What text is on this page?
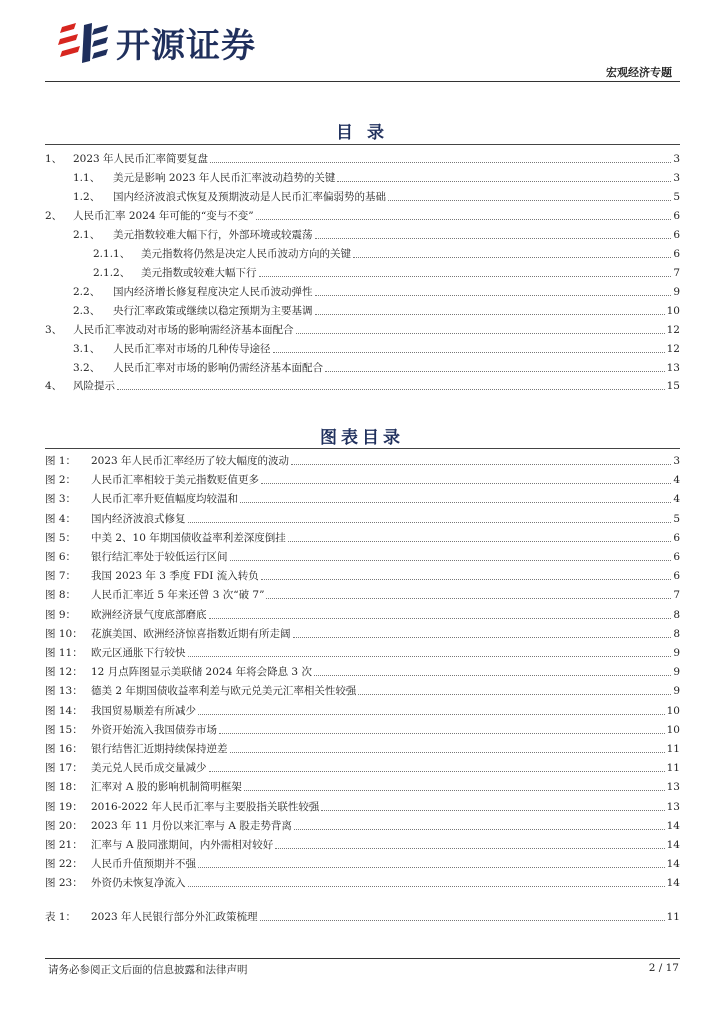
开源证券
宏观经济专题
目 录
1、	2023 年人民币汇率简要复盘	3
1.1、	美元是影响 2023 年人民币汇率波动趋势的关键	3
1.2、	国内经济波浪式恢复及预期波动是人民币汇率偏弱势的基础	5
2、	人民币汇率 2024 年可能的“变与不变”	6
2.1、	美元指数较难大幅下行，外部环境或较震荡	6
2.1.1、	美元指数将仍然是决定人民币波动方向的关键	6
2.1.2、	美元指数或较难大幅下行	7
2.2、	国内经济增长修复程度决定人民币波动弹性	9
2.3、	央行汇率政策或继续以稳定预期为主要基调	10
3、	人民币汇率波动对市场的影响需经济基本面配合	12
3.1、	人民币汇率对市场的几种传导途径	12
3.2、	人民币汇率对市场的影响仍需经济基本面配合	13
4、	风险提示	15
图表目录
图 1：	2023 年人民币汇率经历了较大幅度的波动	3
图 2：	人民币汇率相较于美元指数贬值更多	4
图 3：	人民币汇率升贬值幅度均较温和	4
图 4：	国内经济波浪式修复	5
图 5：	中美 2、10 年期国债收益率利差深度倒挂	6
图 6：	银行结汇率处于较低运行区间	6
图 7：	我国 2023 年 3 季度 FDI 流入转负	6
图 8：	人民币汇率近 5 年来还曾 3 次“破 7”	7
图 9：	欧洲经济景气度底部磨底	8
图 10： 花旗美国、欧洲经济惊喜指数近期有所走阔	8
图 11： 欧元区通胀下行较快	9
图 12： 12 月点阵图显示美联储 2024 年将会降息 3 次	9
图 13： 德美 2 年期国债收益率利差与欧元兑美元汇率相关性较强	9
图 14： 我国贸易顺差有所减少	10
图 15： 外资开始流入我国债券市场	10
图 16： 银行结售汇近期持续保持逆差	11
图 17： 美元兑人民币成交量减少	11
图 18： 汇率对 A 股的影响机制简明框架	13
图 19： 2016-2022 年人民币汇率与主要股指关联性较强	13
图 20： 2023 年 11 月份以来汇率与 A 股走势背离	14
图 21： 汇率与 A 股同涨期间，内外需相对较好	14
图 22： 人民币升值预期并不强	14
图 23： 外资仍未恢复净流入	14
表 1：	2023 年人民银行部分外汇政策梳理	11
请务必参阅正文后面的信息披露和法律声明	2 / 17
